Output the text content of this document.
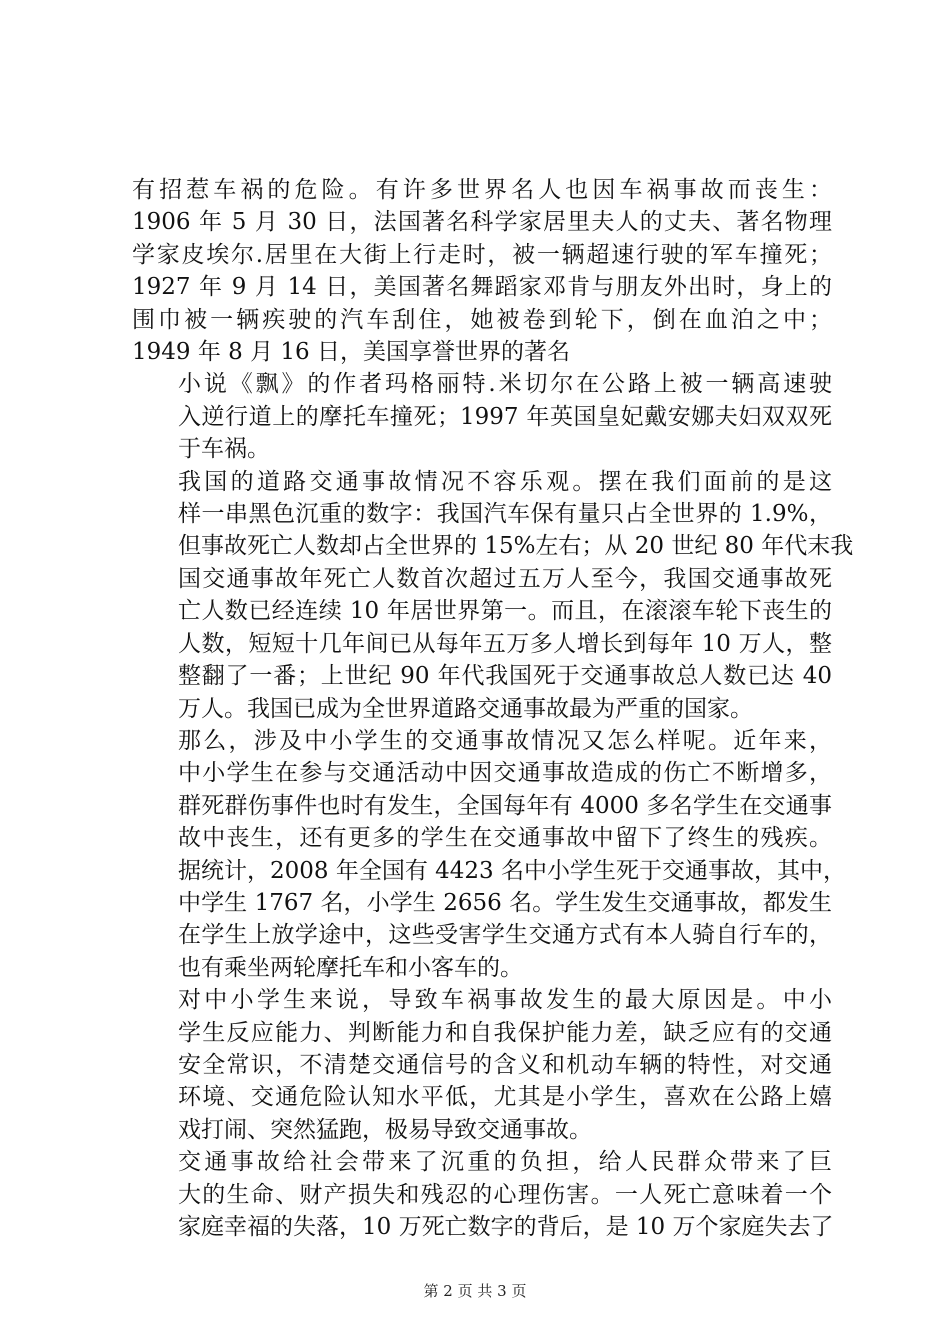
有招惹车祸的危险。有许多世界名人也因车祸事故而丧生：
1906 年 5 月 30 日，法国著名科学家居里夫人的丈夫、著名物理
学家皮埃尔.居里在大街上行走时，被一辆超速行驶的军车撞死；
1927 年 9 月 14 日，美国著名舞蹈家邓肯与朋友外出时，身上的
围巾被一辆疾驶的汽车刮住，她被卷到轮下，倒在血泊之中；
1949 年 8 月 16 日，美国享誉世界的著名

小说《飘》的作者玛格丽特.米切尔在公路上被一辆高速驶
入逆行道上的摩托车撞死；1997 年英国皇妃戴安娜夫妇双双死
于车祸。

我国的道路交通事故情况不容乐观。摆在我们面前的是这
样一串黑色沉重的数字：我国汽车保有量只占全世界的 1.9%，
但事故死亡人数却占全世界的 15%左右；从 20 世纪 80 年代末我
国交通事故年死亡人数首次超过五万人至今，我国交通事故死
亡人数已经连续 10 年居世界第一。而且，在滚滚车轮下丧生的
人数，短短十几年间已从每年五万多人增长到每年 10 万人，整
整翻了一番；上世纪 90 年代我国死于交通事故总人数已达 40
万人。我国已成为全世界道路交通事故最为严重的国家。

那么，涉及中小学生的交通事故情况又怎么样呢。近年来，
中小学生在参与交通活动中因交通事故造成的伤亡不断增多，
群死群伤事件也时有发生，全国每年有 4000 多名学生在交通事
故中丧生，还有更多的学生在交通事故中留下了终生的残疾。
据统计，2008 年全国有 4423 名中小学生死于交通事故，其中，
中学生 1767 名，小学生 2656 名。学生发生交通事故，都发生
在学生上放学途中，这些受害学生交通方式有本人骑自行车的，
也有乘坐两轮摩托车和小客车的。

对中小学生来说，导致车祸事故发生的最大原因是。中小
学生反应能力、判断能力和自我保护能力差，缺乏应有的交通
安全常识，不清楚交通信号的含义和机动车辆的特性，对交通
环境、交通危险认知水平低，尤其是小学生，喜欢在公路上嬉
戏打闹、突然猛跑，极易导致交通事故。

交通事故给社会带来了沉重的负担，给人民群众带来了巨
大的生命、财产损失和残忍的心理伤害。一人死亡意味着一个
家庭幸福的失落，10 万死亡数字的背后，是 10 万个家庭失去了

第 2 页 共 3 页
